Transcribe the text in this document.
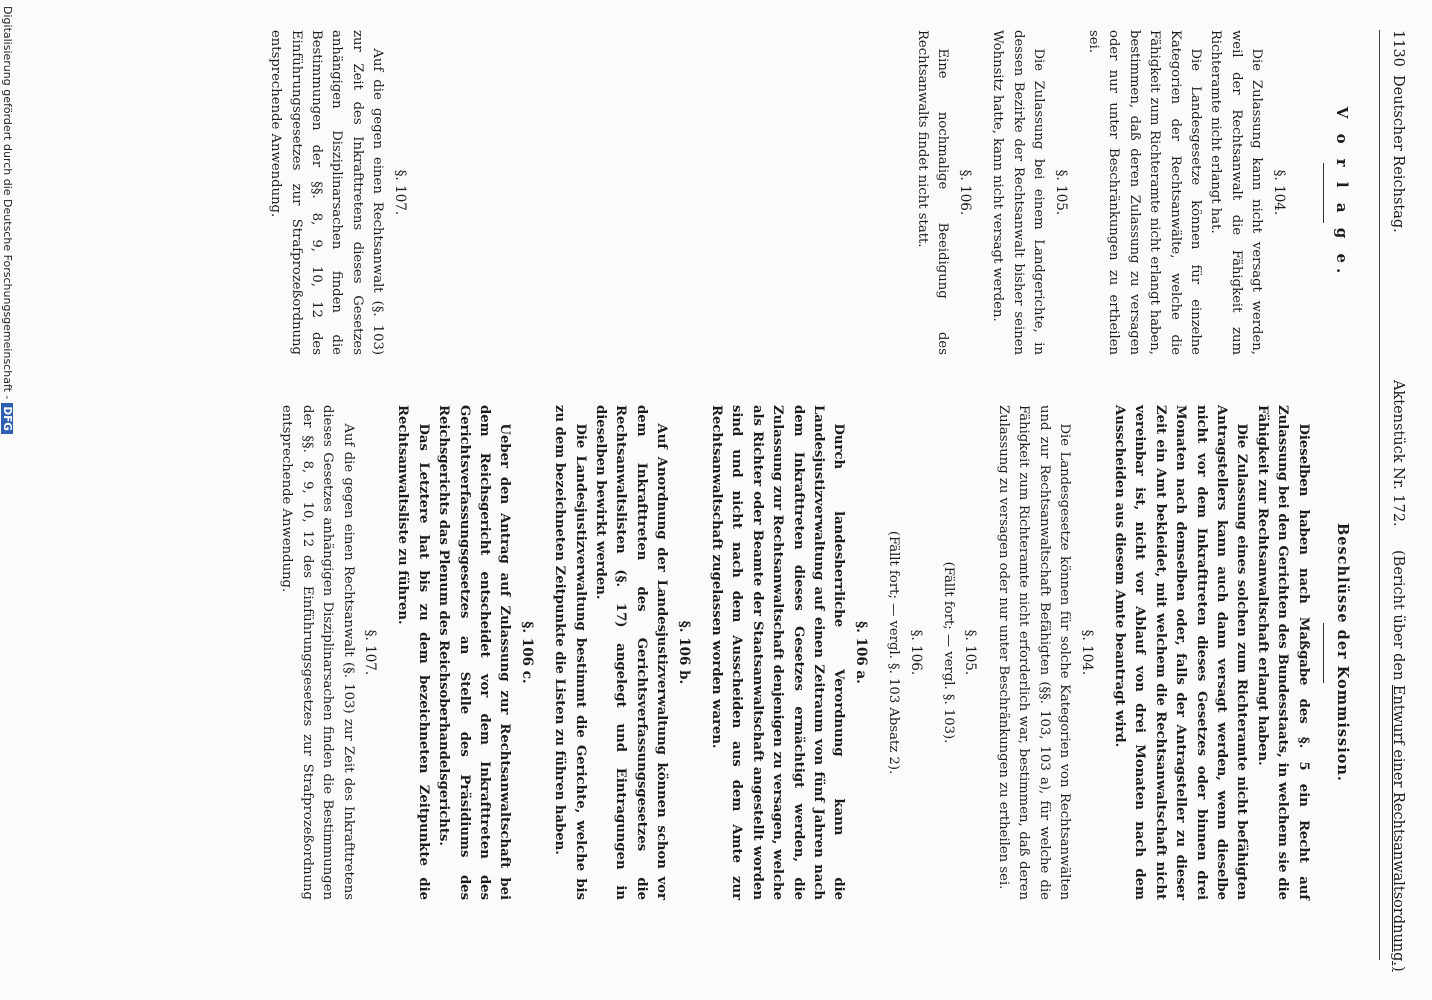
1130
Deutscher Reichstag.
Aktenstück Nr. 172.
(Bericht über den Entwurf einer Rechtsanwaltsordnung.)
V o r l a g e.
§. 104.

Die Zulassung kann nicht versagt werden, weil der Rechtsanwalt die Fähigkeit zum Richteramte nicht erlangt hat.

Die Landesgesetze können für einzelne Kategorien der Rechtsanwälte, welche die Fähigkeit zum Richteramte nicht erlangt haben, bestimmen, daß deren Zulassung zu versagen oder nur unter Beschränkungen zu ertheilen sei.

§. 105.

Die Zulassung bei einem Landgerichte, in dessen Bezirke der Rechtsanwalt bisher seinen Wohnsitz hatte, kann nicht versagt werden.

§. 106.

Eine nochmalige Beeidigung des Rechtsanwalts findet nicht statt.

§. 107.

Auf die gegen einen Rechtsanwalt (§. 103) zur Zeit des Inkrafttretens dieses Gesetzes anhängigen Disziplinarsachen finden die Bestimmungen der §§. 8, 9, 10, 12 des Einführungsgesetzes zur Strafprozeßordnung entsprechende Anwendung.

Beschlüsse der Kommission.

Dieselben haben nach Maßgabe des §. 5 ein Recht auf Zulassung bei den Gerichten des Bundesstaats, in welchem sie die Fähigkeit zur Rechtsanwaltschaft erlangt haben.

Die Zulassung eines solchen zum Richteramte nicht befähigten Antragstellers kann auch dann versagt werden, wenn dieselbe nicht vor dem Inkrafttreten dieses Gesetzes oder binnen drei Monaten nach demselben oder, falls der Antragsteller zu dieser Zeit ein Amt bekleidet, mit welchem die Rechtsanwaltschaft nicht vereinbar ist, nicht vor Ablauf von drei Monaten nach dem Ausscheiden aus diesem Amte beantragt wird.

§. 104.

Die Landesgesetze können für solche Kategorien von Rechtsanwälten und zur Rechtsanwaltschaft Befähigten (§§. 103, 103 a), für welche die Fähigkeit zum Richteramte nicht erforderlich war, bestimmen, daß deren Zulassung zu versagen oder nur unter Beschränkungen zu ertheilen sei.

§. 105.

(Fällt fort; — vergl. §. 103).

§. 106.

(Fällt fort; — vergl. §. 103 Absatz 2).

§. 106 a.

Durch landesherrliche Verordnung kann die Landesjustizverwaltung auf einen Zeitraum von fünf Jahren nach dem Inkrafttreten dieses Gesetzes ermächtigt werden, die Zulassung zur Rechtsanwaltschaft denjenigen zu versagen, welche als Richter oder Beamte der Staatsanwaltschaft angestellt worden sind und nicht nach dem Ausscheiden aus dem Amte zur Rechtsanwaltschaft zugelassen worden waren.

§. 106 b.

Auf Anordnung der Landesjustizverwaltung können schon vor dem Inkrafttreten des Gerichtsverfassungsgesetzes die Rechtsanwaltslisten (§. 17) angelegt und Eintragungen in dieselben bewirkt werden.

Die Landesjustizverwaltung bestimmt die Gerichte, welche bis zu dem bezeichneten Zeitpunkte die Listen zu führen haben.

§. 106 c.

Ueber den Antrag auf Zulassung zur Rechtsanwaltschaft bei dem Reichsgericht entscheidet vor dem Inkrafttreten des Gerichtsverfassungsgesetzes an Stelle des Präsidiums des Reichsgerichts das Plenum des Reichsoberhandelsgerichts.

Das Letztere hat bis zu dem bezeichneten Zeitpunkte die Rechtsanwaltsliste zu führen.

§. 107.

Auf die gegen einen Rechtsanwalt (§. 103) zur Zeit des Inkrafttretens dieses Gesetzes anhängigen Disziplinarsachen finden die Bestimmungen der §§. 8, 9, 10, 12 des Einführungsgesetzes zur Strafprozeßordnung entsprechende Anwendung.

Digitalisierung gefördert durch die Deutsche Forschungsgemeinschaft -DFG
